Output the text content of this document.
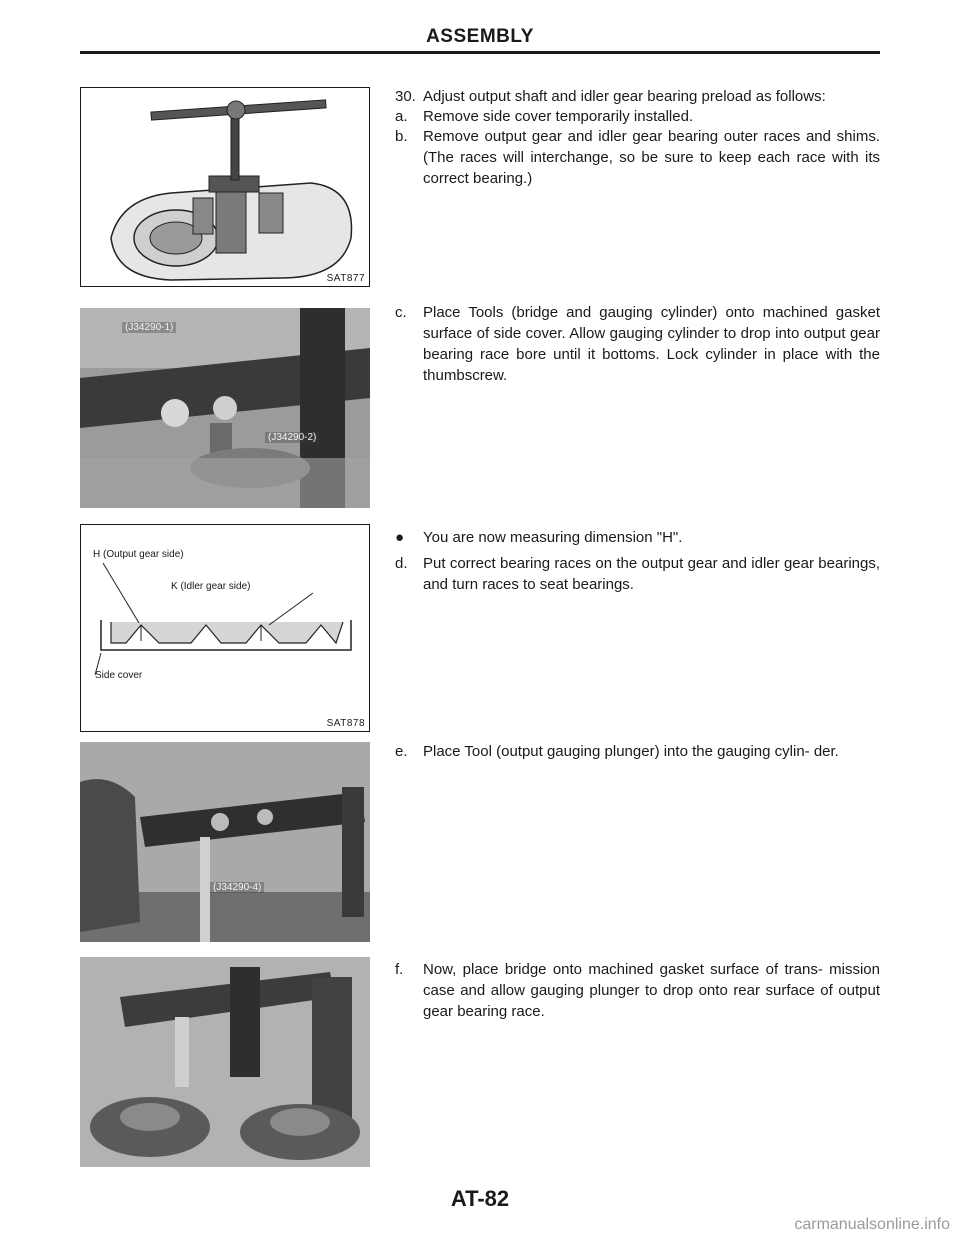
ASSEMBLY
SAT877
(J34290-1)
(J34290-2)
H (Output gear side)
K (Idler gear side)
Side cover
SAT878
(J34290-4)
30. Adjust output shaft and idler gear bearing preload as follows:
a. Remove side cover temporarily installed.
b. Remove output gear and idler gear bearing outer races and shims. (The races will interchange, so be sure to keep each race with its correct bearing.)
c. Place Tools (bridge and gauging cylinder) onto machined gasket surface of side cover. Allow gauging cylinder to drop into output gear bearing race bore until it bottoms. Lock cylinder in place with the thumbscrew.
● You are now measuring dimension "H".
d. Put correct bearing races on the output gear and idler gear bearings, and turn races to seat bearings.
e. Place Tool (output gauging plunger) into the gauging cylin- der.
f. Now, place bridge onto machined gasket surface of trans- mission case and allow gauging plunger to drop onto rear surface of output gear bearing race.
AT-82
carmanualsonline.info
